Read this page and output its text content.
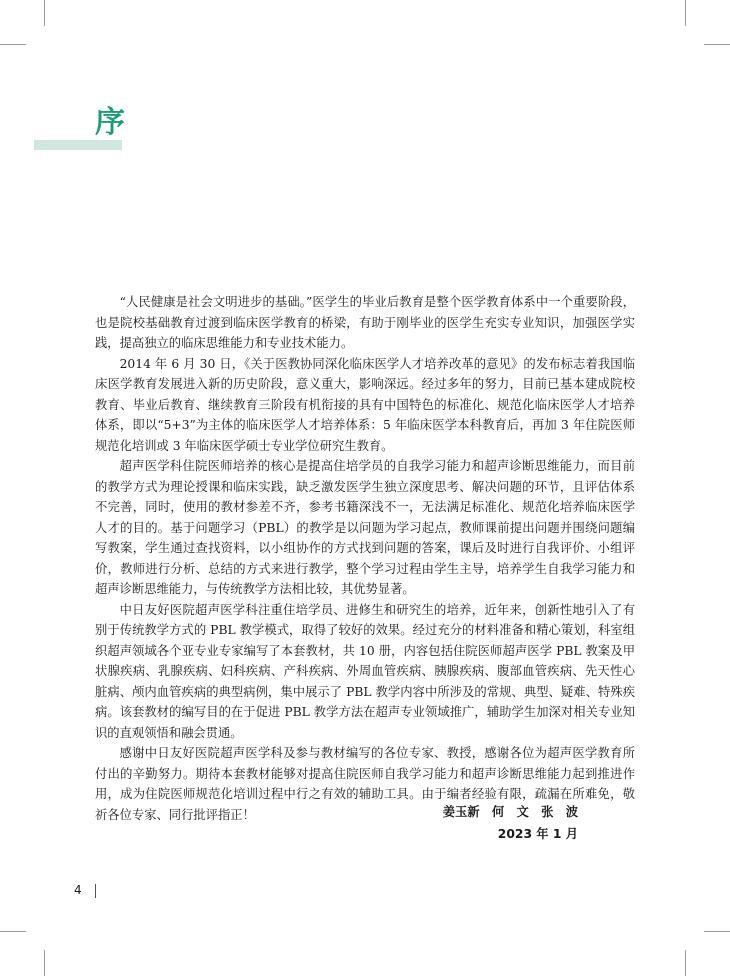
序

“人民健康是社会文明进步的基础。”医学生的毕业后教育是整个医学教育体系中一个重要阶段，也是院校基础教育过渡到临床医学教育的桥梁，有助于刚毕业的医学生充实专业知识，加强医学实践，提高独立的临床思维能力和专业技术能力。

2014 年 6 月 30 日，《关于医教协同深化临床医学人才培养改革的意见》的发布标志着我国临床医学教育发展进入新的历史阶段，意义重大，影响深远。经过多年的努力，目前已基本建成院校教育、毕业后教育、继续教育三阶段有机衔接的具有中国特色的标准化、规范化临床医学人才培养体系，即以“5+3”为主体的临床医学人才培养体系：5 年临床医学本科教育后，再加 3 年住院医师规范化培训或 3 年临床医学硕士专业学位研究生教育。

超声医学科住院医师培养的核心是提高住培学员的自我学习能力和超声诊断思维能力，而目前的教学方式为理论授课和临床实践，缺乏激发医学生独立深度思考、解决问题的环节，且评估体系不完善，同时，使用的教材参差不齐，参考书籍深浅不一，无法满足标准化、规范化培养临床医学人才的目的。基于问题学习（PBL）的教学是以问题为学习起点，教师课前提出问题并围绕问题编写教案，学生通过查找资料，以小组协作的方式找到问题的答案，课后及时进行自我评价、小组评价，教师进行分析、总结的方式来进行教学，整个学习过程由学生主导，培养学生自我学习能力和超声诊断思维能力，与传统教学方法相比较，其优势显著。

中日友好医院超声医学科注重住培学员、进修生和研究生的培养，近年来，创新性地引入了有别于传统教学方式的 PBL 教学模式，取得了较好的效果。经过充分的材料准备和精心策划，科室组织超声领域各个亚专业专家编写了本套教材，共 10 册，内容包括住院医师超声医学 PBL 教案及甲状腺疾病、乳腺疾病、妇科疾病、产科疾病、外周血管疾病、胰腺疾病、腹部血管疾病、先天性心脏病、颅内血管疾病的典型病例，集中展示了 PBL 教学内容中所涉及的常规、典型、疑难、特殊疾病。该套教材的编写目的在于促进 PBL 教学方法在超声专业领域推广，辅助学生加深对相关专业知识的直观领悟和融会贯通。

感谢中日友好医院超声医学科及参与教材编写的各位专家、教授，感谢各位为超声医学教育所付出的辛勤努力。期待本套教材能够对提高住院医师自我学习能力和超声诊断思维能力起到推进作用，成为住院医师规范化培训过程中行之有效的辅助工具。由于编者经验有限，疏漏在所难免，敬祈各位专家、同行批评指正！	姜玉新　何　文　张　波
2023 年 1 月
4
